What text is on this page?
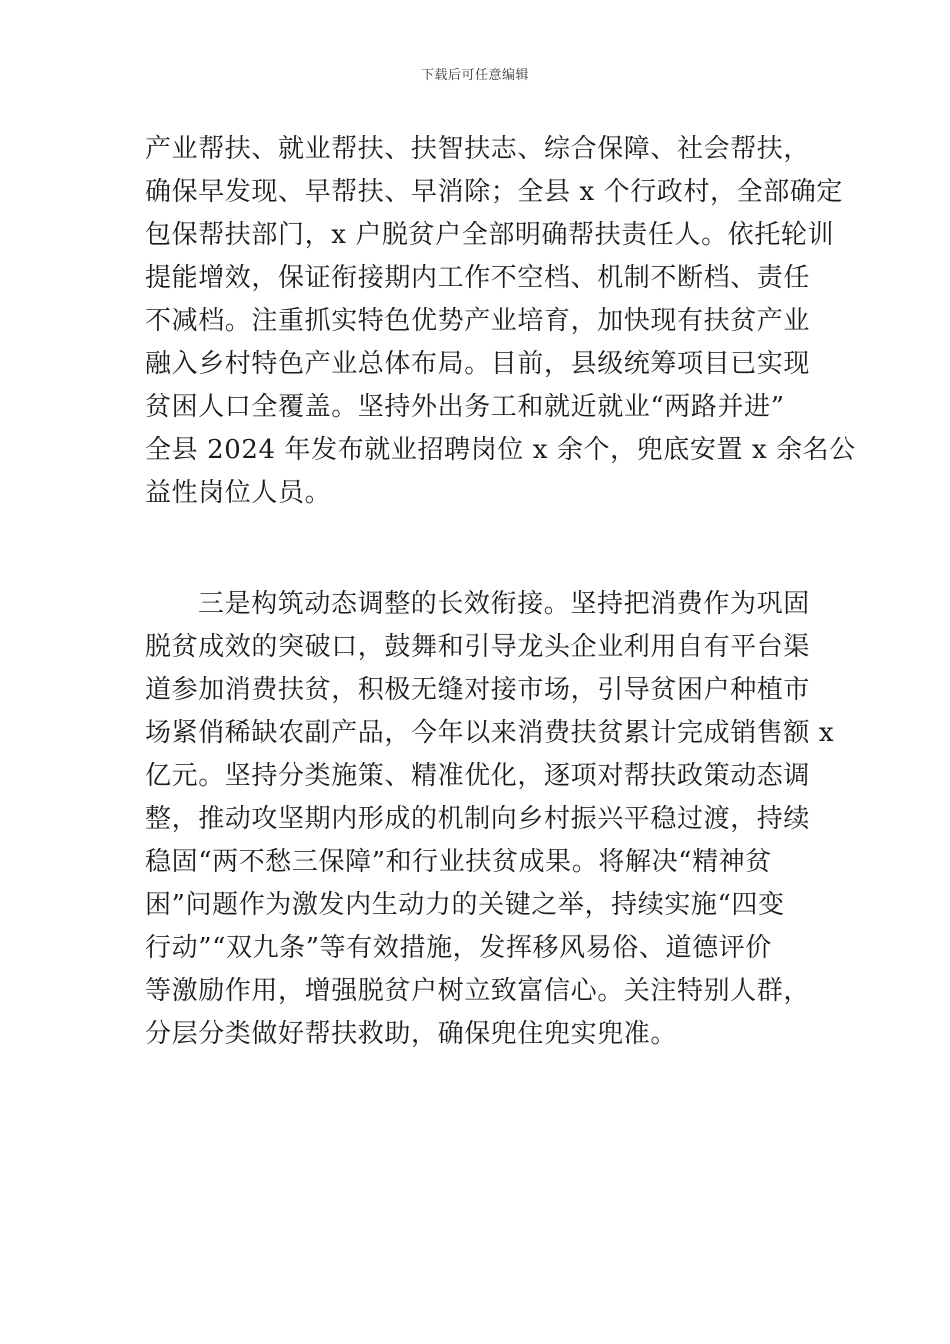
下载后可任意编辑
产业帮扶、就业帮扶、扶智扶志、综合保障、社会帮扶，
确保早发现、早帮扶、早消除；全县 x 个行政村，全部确定
包保帮扶部门，x 户脱贫户全部明确帮扶责任人。依托轮训
提能增效，保证衔接期内工作不空档、机制不断档、责任
不减档。注重抓实特色优势产业培育，加快现有扶贫产业
融入乡村特色产业总体布局。目前，县级统筹项目已实现
贫困人口全覆盖。坚持外出务工和就近就业“两路并进”
全县 2024 年发布就业招聘岗位 x 余个，兜底安置 x 余名公
益性岗位人员。
三是构筑动态调整的长效衔接。坚持把消费作为巩固
脱贫成效的突破口，鼓舞和引导龙头企业利用自有平台渠
道参加消费扶贫，积极无缝对接市场，引导贫困户种植市
场紧俏稀缺农副产品，今年以来消费扶贫累计完成销售额 x
亿元。坚持分类施策、精准优化，逐项对帮扶政策动态调
整，推动攻坚期内形成的机制向乡村振兴平稳过渡，持续
稳固“两不愁三保障”和行业扶贫成果。将解决“精神贫
困”问题作为激发内生动力的关键之举，持续实施“四变
行动”“双九条”等有效措施，发挥移风易俗、道德评价
等激励作用，增强脱贫户树立致富信心。关注特别人群，
分层分类做好帮扶救助，确保兜住兜实兜准。
